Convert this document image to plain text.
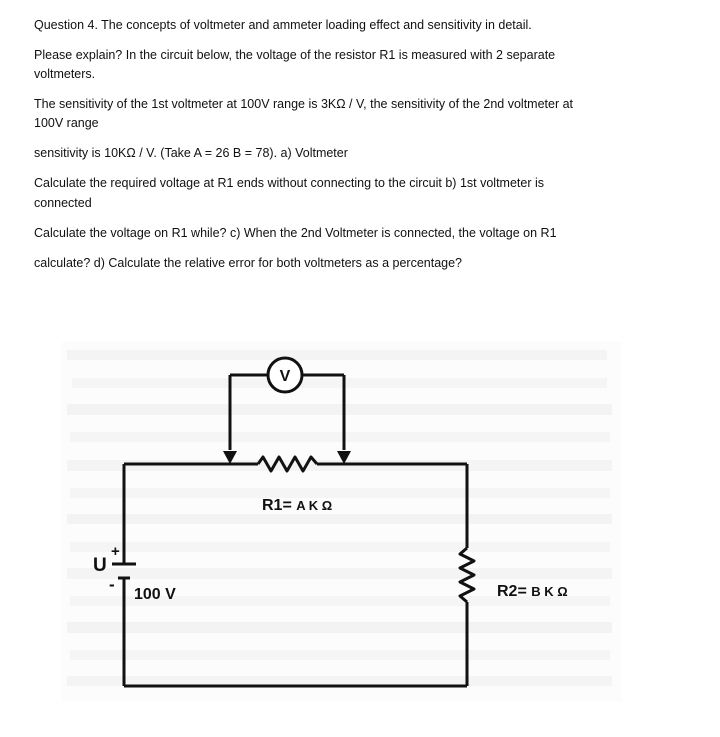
Question 4. The concepts of voltmeter and ammeter loading effect and sensitivity in detail.
Please explain? In the circuit below, the voltage of the resistor R1 is measured with 2 separate
voltmeters.
The sensitivity of the 1st voltmeter at 100V range is 3KΩ / V, the sensitivity of the 2nd voltmeter at
100V range
sensitivity is 10KΩ / V. (Take A = 26 B = 78). a) Voltmeter
Calculate the required voltage at R1 ends without connecting to the circuit b) 1st voltmeter is
connected
Calculate the voltage on R1 while? c) When the 2nd Voltmeter is connected, the voltage on R1
calculate? d) Calculate the relative error for both voltmeters as a percentage?
V
R1= A K Ω
R2= B K Ω
U
+
-
100 V
